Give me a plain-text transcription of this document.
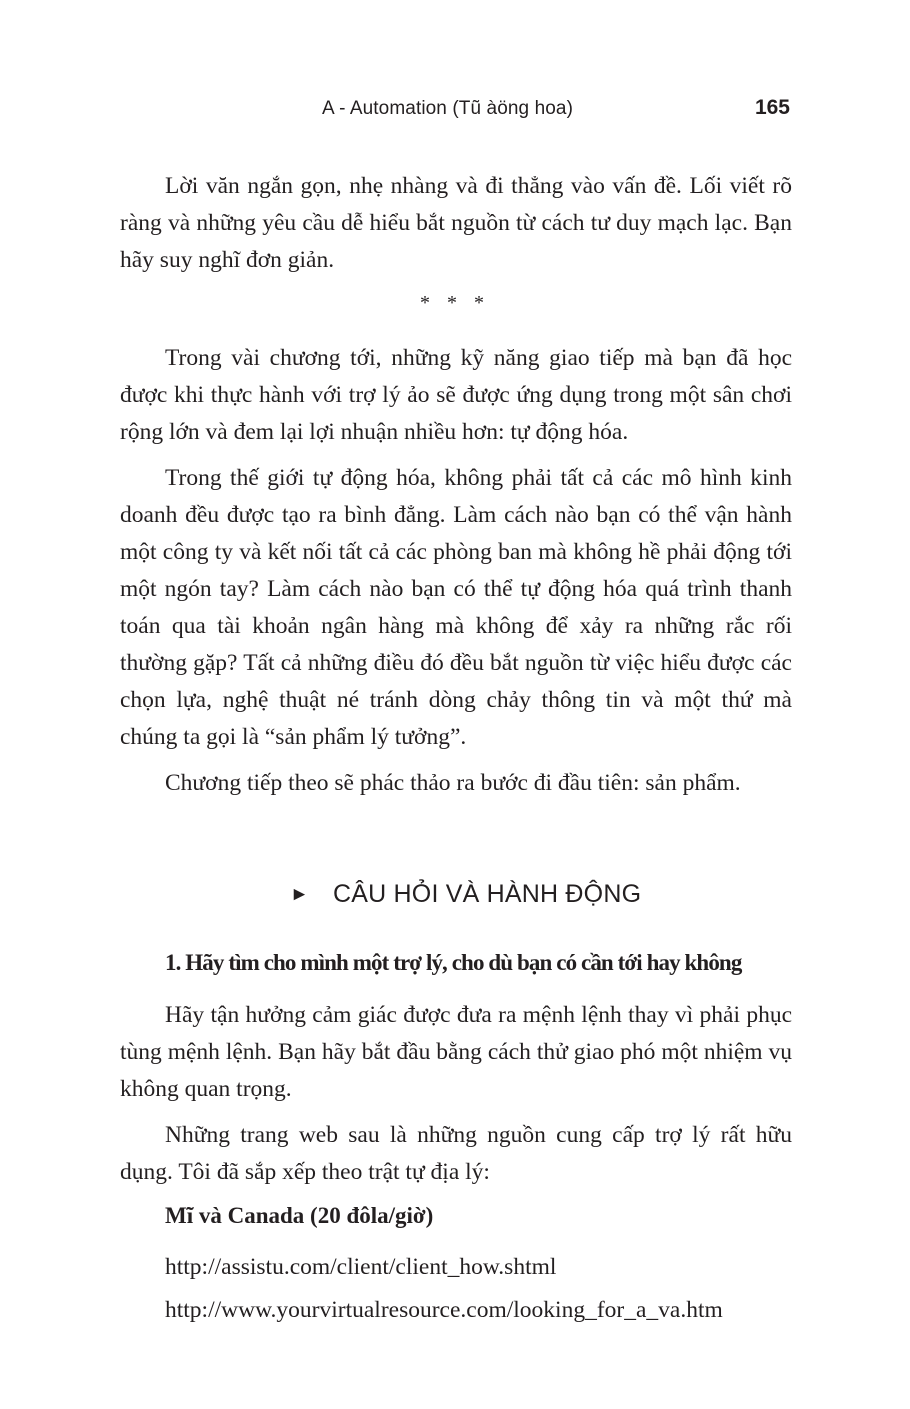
A - Automation (Tũ àöng hoa)	165

Lời văn ngắn gọn, nhẹ nhàng và đi thẳng vào vấn đề. Lối viết rõ ràng và những yêu cầu dễ hiểu bắt nguồn từ cách tư duy mạch lạc. Bạn hãy suy nghĩ đơn giản.

* * *

Trong vài chương tới, những kỹ năng giao tiếp mà bạn đã học được khi thực hành với trợ lý ảo sẽ được ứng dụng trong một sân chơi rộng lớn và đem lại lợi nhuận nhiều hơn: tự động hóa.

Trong thế giới tự động hóa, không phải tất cả các mô hình kinh doanh đều được tạo ra bình đẳng. Làm cách nào bạn có thể vận hành một công ty và kết nối tất cả các phòng ban mà không hề phải động tới một ngón tay? Làm cách nào bạn có thể tự động hóa quá trình thanh toán qua tài khoản ngân hàng mà không để xảy ra những rắc rối thường gặp? Tất cả những điều đó đều bắt nguồn từ việc hiểu được các chọn lựa, nghệ thuật né tránh dòng chảy thông tin và một thứ mà chúng ta gọi là “sản phẩm lý tưởng”.

Chương tiếp theo sẽ phác thảo ra bước đi đầu tiên: sản phẩm.

► CÂU HỎI VÀ HÀNH ĐỘNG
1. Hãy tìm cho mình một trợ lý, cho dù bạn có cần tới hay không

Hãy tận hưởng cảm giác được đưa ra mệnh lệnh thay vì phải phục tùng mệnh lệnh. Bạn hãy bắt đầu bằng cách thử giao phó một nhiệm vụ không quan trọng.

Những trang web sau là những nguồn cung cấp trợ lý rất hữu dụng. Tôi đã sắp xếp theo trật tự địa lý:

Mĩ và Canada (20 đôla/giờ)
http://assistu.com/client/client_how.shtml
http://www.yourvirtualresource.com/looking_for_a_va.htm
